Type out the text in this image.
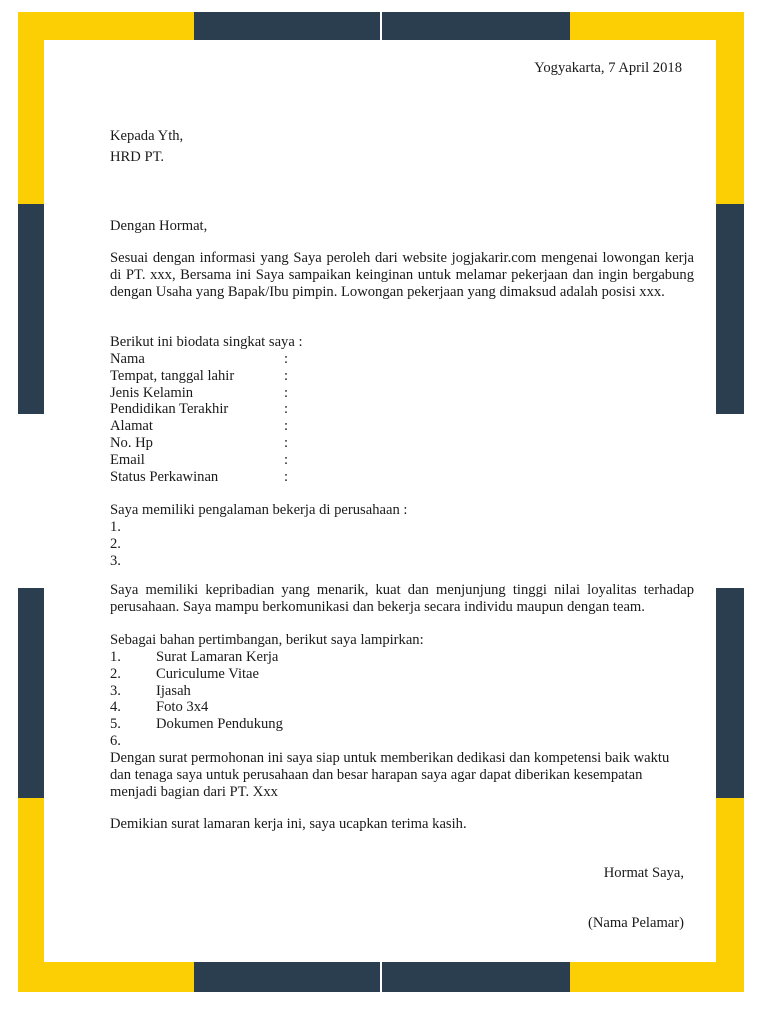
Yogyakarta, 7 April 2018
Kepada Yth,
HRD PT.
Dengan Hormat,
Sesuai dengan informasi yang Saya peroleh dari website jogjakarir.com mengenai lowongan kerja di PT. xxx, Bersama ini Saya sampaikan keinginan untuk melamar pekerjaan dan ingin bergabung dengan Usaha yang Bapak/Ibu pimpin. Lowongan pekerjaan yang dimaksud adalah posisi xxx.
Berikut ini biodata singkat saya :
Nama	:
Tempat, tanggal lahir	:
Jenis Kelamin	:
Pendidikan Terakhir	:
Alamat	:
No. Hp	:
Email	:
Status Perkawinan	:
Saya memiliki pengalaman bekerja di perusahaan :
1.
2.
3.
Saya memiliki kepribadian yang menarik, kuat dan menjunjung tinggi nilai loyalitas terhadap perusahaan. Saya mampu berkomunikasi dan bekerja secara individu maupun dengan team.
Sebagai bahan pertimbangan, berikut saya lampirkan:
1. Surat Lamaran Kerja
2. Curiculume Vitae
3. Ijasah
4. Foto 3x4
5. Dokumen Pendukung
6.
Dengan surat permohonan ini saya siap untuk memberikan dedikasi dan kompetensi baik waktu dan tenaga saya untuk perusahaan dan besar harapan saya agar dapat diberikan kesempatan menjadi bagian dari PT. Xxx
Demikian surat lamaran kerja ini, saya ucapkan terima kasih.
Hormat Saya,
(Nama Pelamar)
